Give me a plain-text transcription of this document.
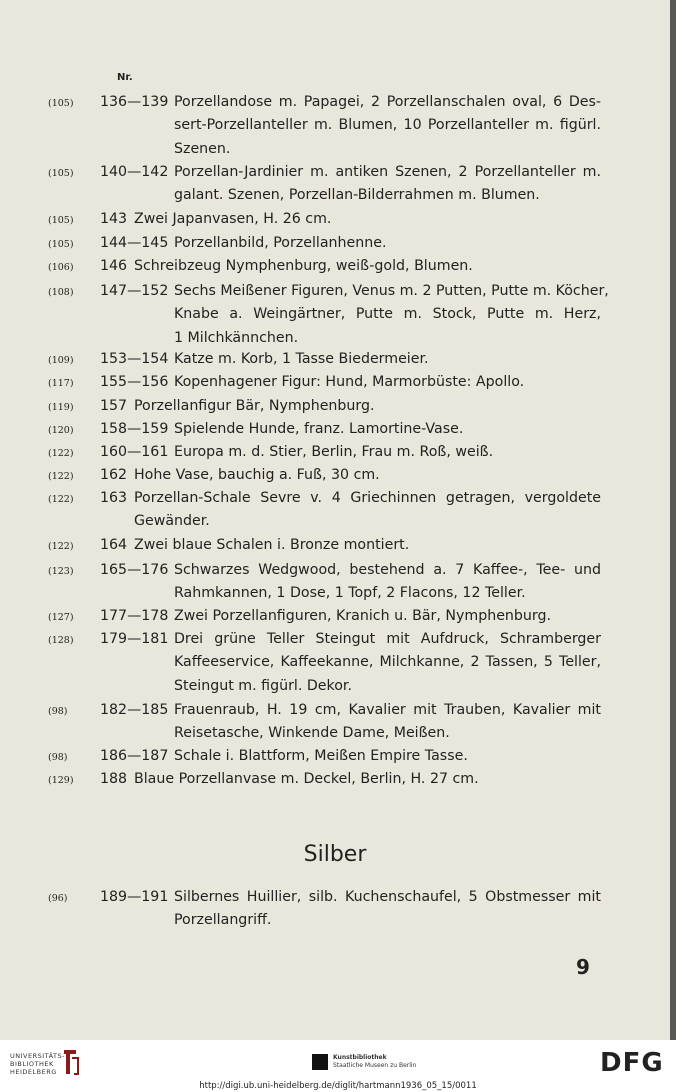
Nr.
(105) 136—139 Porzellandose m. Papagei, 2 Porzellanschalen oval, 6 Des-
sert-Porzellanteller m. Blumen, 10 Porzellanteller m. figürl.
Szenen.
(105) 140—142 Porzellan-Jardinier m. antiken Szenen, 2 Porzellanteller m.
galant. Szenen, Porzellan-Bilderrahmen m. Blumen.
(105) 143 Zwei Japanvasen, H. 26 cm.
(105) 144—145 Porzellanbild, Porzellanhenne.
(106) 146 Schreibzeug Nymphenburg, weiß-gold, Blumen.
(108) 147—152 Sechs Meißener Figuren, Venus m. 2 Putten, Putte m. Köcher,
Knabe a. Weingärtner, Putte m. Stock, Putte m. Herz,
1 Milchkännchen.
(109) 153—154 Katze m. Korb, 1 Tasse Biedermeier.
(117) 155—156 Kopenhagener Figur: Hund, Marmorbüste: Apollo.
(119) 157 Porzellanfigur Bär, Nymphenburg.
(120) 158—159 Spielende Hunde, franz. Lamortine-Vase.
(122) 160—161 Europa m. d. Stier, Berlin, Frau m. Roß, weiß.
(122) 162 Hohe Vase, bauchig a. Fuß, 30 cm.
(122) 163 Porzellan-Schale Sevre v. 4 Griechinnen getragen, vergoldete
Gewänder.
(122) 164 Zwei blaue Schalen i. Bronze montiert.
(123) 165—176 Schwarzes Wedgwood, bestehend a. 7 Kaffee-, Tee- und
Rahmkannen, 1 Dose, 1 Topf, 2 Flacons, 12 Teller.
(127) 177—178 Zwei Porzellanfiguren, Kranich u. Bär, Nymphenburg.
(128) 179—181 Drei grüne Teller Steingut mit Aufdruck, Schramberger
Kaffeeservice, Kaffeekanne, Milchkanne, 2 Tassen, 5 Teller,
Steingut m. figürl. Dekor.
(98) 182—185 Frauenraub, H. 19 cm, Kavalier mit Trauben, Kavalier mit
Reisetasche, Winkende Dame, Meißen.
(98) 186—187 Schale i. Blattform, Meißen Empire Tasse.
(129) 188 Blaue Porzellanvase m. Deckel, Berlin, H. 27 cm.
Silber
(96) 189—191 Silbernes Huillier, silb. Kuchenschaufel, 5 Obstmesser mit
Porzellangriff.
9
UNIVERSITÄTS-
BIBLIOTHEK
HEIDELBERG
Kunstbibliothek
Staatliche Museen zu Berlin	DFG
http://digi.ub.uni-heidelberg.de/diglit/hartmann1936_05_15/0011
